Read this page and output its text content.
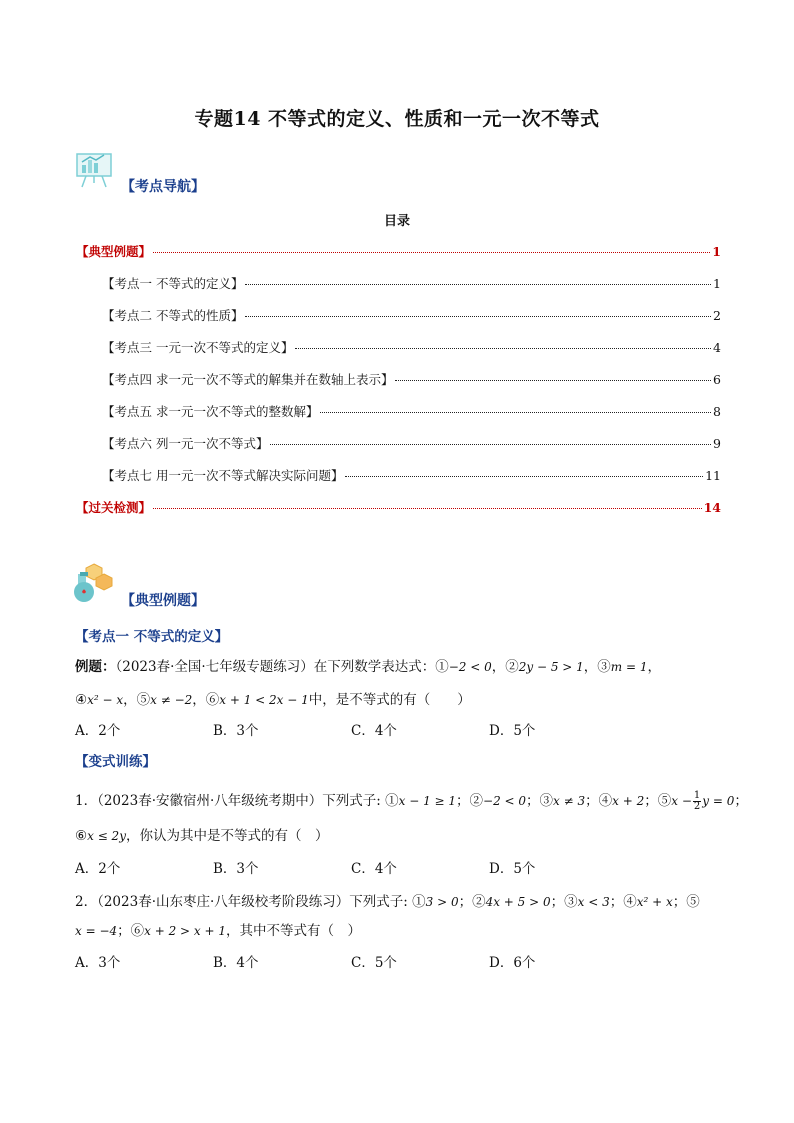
专题14 不等式的定义、性质和一元一次不等式
【考点导航】
目录
【典型例题】	1
【考点一 不等式的定义】	1
【考点二 不等式的性质】	2
【考点三 一元一次不等式的定义】	4
【考点四 求一元一次不等式的解集并在数轴上表示】	6
【考点五 求一元一次不等式的整数解】	8
【考点六 列一元一次不等式】	9
【考点七 用一元一次不等式解决实际问题】	11
【过关检测】	14
【典型例题】
【考点一 不等式的定义】
例题：（2023春·全国·七年级专题练习）在下列数学表达式：①−2 < 0，②2y − 5 > 1，③m = 1，
④x² − x，⑤x ≠ −2，⑥x + 1 < 2x − 1中，是不等式的有（　　）
A．2个	B．3个	C．4个	D．5个
【变式训练】
1．（2023春·安徽宿州·八年级统考期中）下列式子: ①x − 1 ≥ 1；②−2 < 0；③x ≠ 3；④x + 2；⑤x − $\frac{1}{2}$ y = 0；
⑥x ≤ 2y，你认为其中是不等式的有（　）
A．2个	B．3个	C．4个	D．5个
2．（2023春·山东枣庄·八年级校考阶段练习）下列式子: ①3 > 0；②4x + 5 > 0；③x < 3；④x² + x；⑤
x = −4；⑥x + 2 > x + 1，其中不等式有（　）
A．3个	B．4个	C．5个	D．6个
